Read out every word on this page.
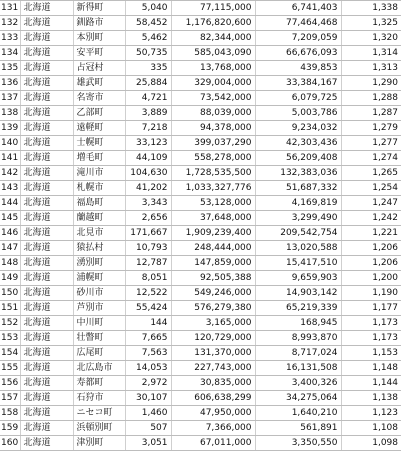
131	北海道	新得町	5,040	77,115,000	6,741,403	1,338
132	北海道	釧路市	58,452	1,176,820,600	77,464,468	1,325
133	北海道	本別町	5,462	82,344,000	7,209,059	1,320
134	北海道	安平町	50,735	585,043,090	66,676,093	1,314
135	北海道	占冠村	335	13,768,000	439,853	1,313
136	北海道	雄武町	25,884	329,004,000	33,384,167	1,290
137	北海道	名寄市	4,721	73,542,000	6,079,725	1,288
138	北海道	乙部町	3,889	88,039,000	5,003,786	1,287
139	北海道	遠軽町	7,218	94,378,000	9,234,032	1,279
140	北海道	士幌町	33,123	399,037,290	42,303,436	1,277
141	北海道	増毛町	44,109	558,278,000	56,209,408	1,274
142	北海道	滝川市	104,630	1,728,535,500	132,383,036	1,265
143	北海道	札幌市	41,202	1,033,327,776	51,687,332	1,254
144	北海道	福島町	3,343	53,128,000	4,169,819	1,247
145	北海道	蘭越町	2,656	37,648,000	3,299,490	1,242
146	北海道	北見市	171,667	1,909,239,400	209,542,754	1,221
147	北海道	猿払村	10,793	248,444,000	13,020,588	1,206
148	北海道	湧別町	12,787	147,859,000	15,417,510	1,206
149	北海道	浦幌町	8,051	92,505,388	9,659,903	1,200
150	北海道	砂川市	12,522	549,246,000	14,903,142	1,190
151	北海道	芦別市	55,424	576,279,380	65,219,339	1,177
152	北海道	中川町	144	3,165,000	168,945	1,173
153	北海道	壮瞥町	7,665	120,729,000	8,993,870	1,173
154	北海道	広尾町	7,563	131,370,000	8,717,024	1,153
155	北海道	北広島市	14,053	227,743,000	16,131,508	1,148
156	北海道	寿都町	2,972	30,835,000	3,400,326	1,144
157	北海道	石狩市	30,107	606,638,299	34,275,064	1,138
158	北海道	ニセコ町	1,460	47,950,000	1,640,210	1,123
159	北海道	浜頓別町	507	7,366,000	561,891	1,108
160	北海道	津別町	3,051	67,011,000	3,350,550	1,098
